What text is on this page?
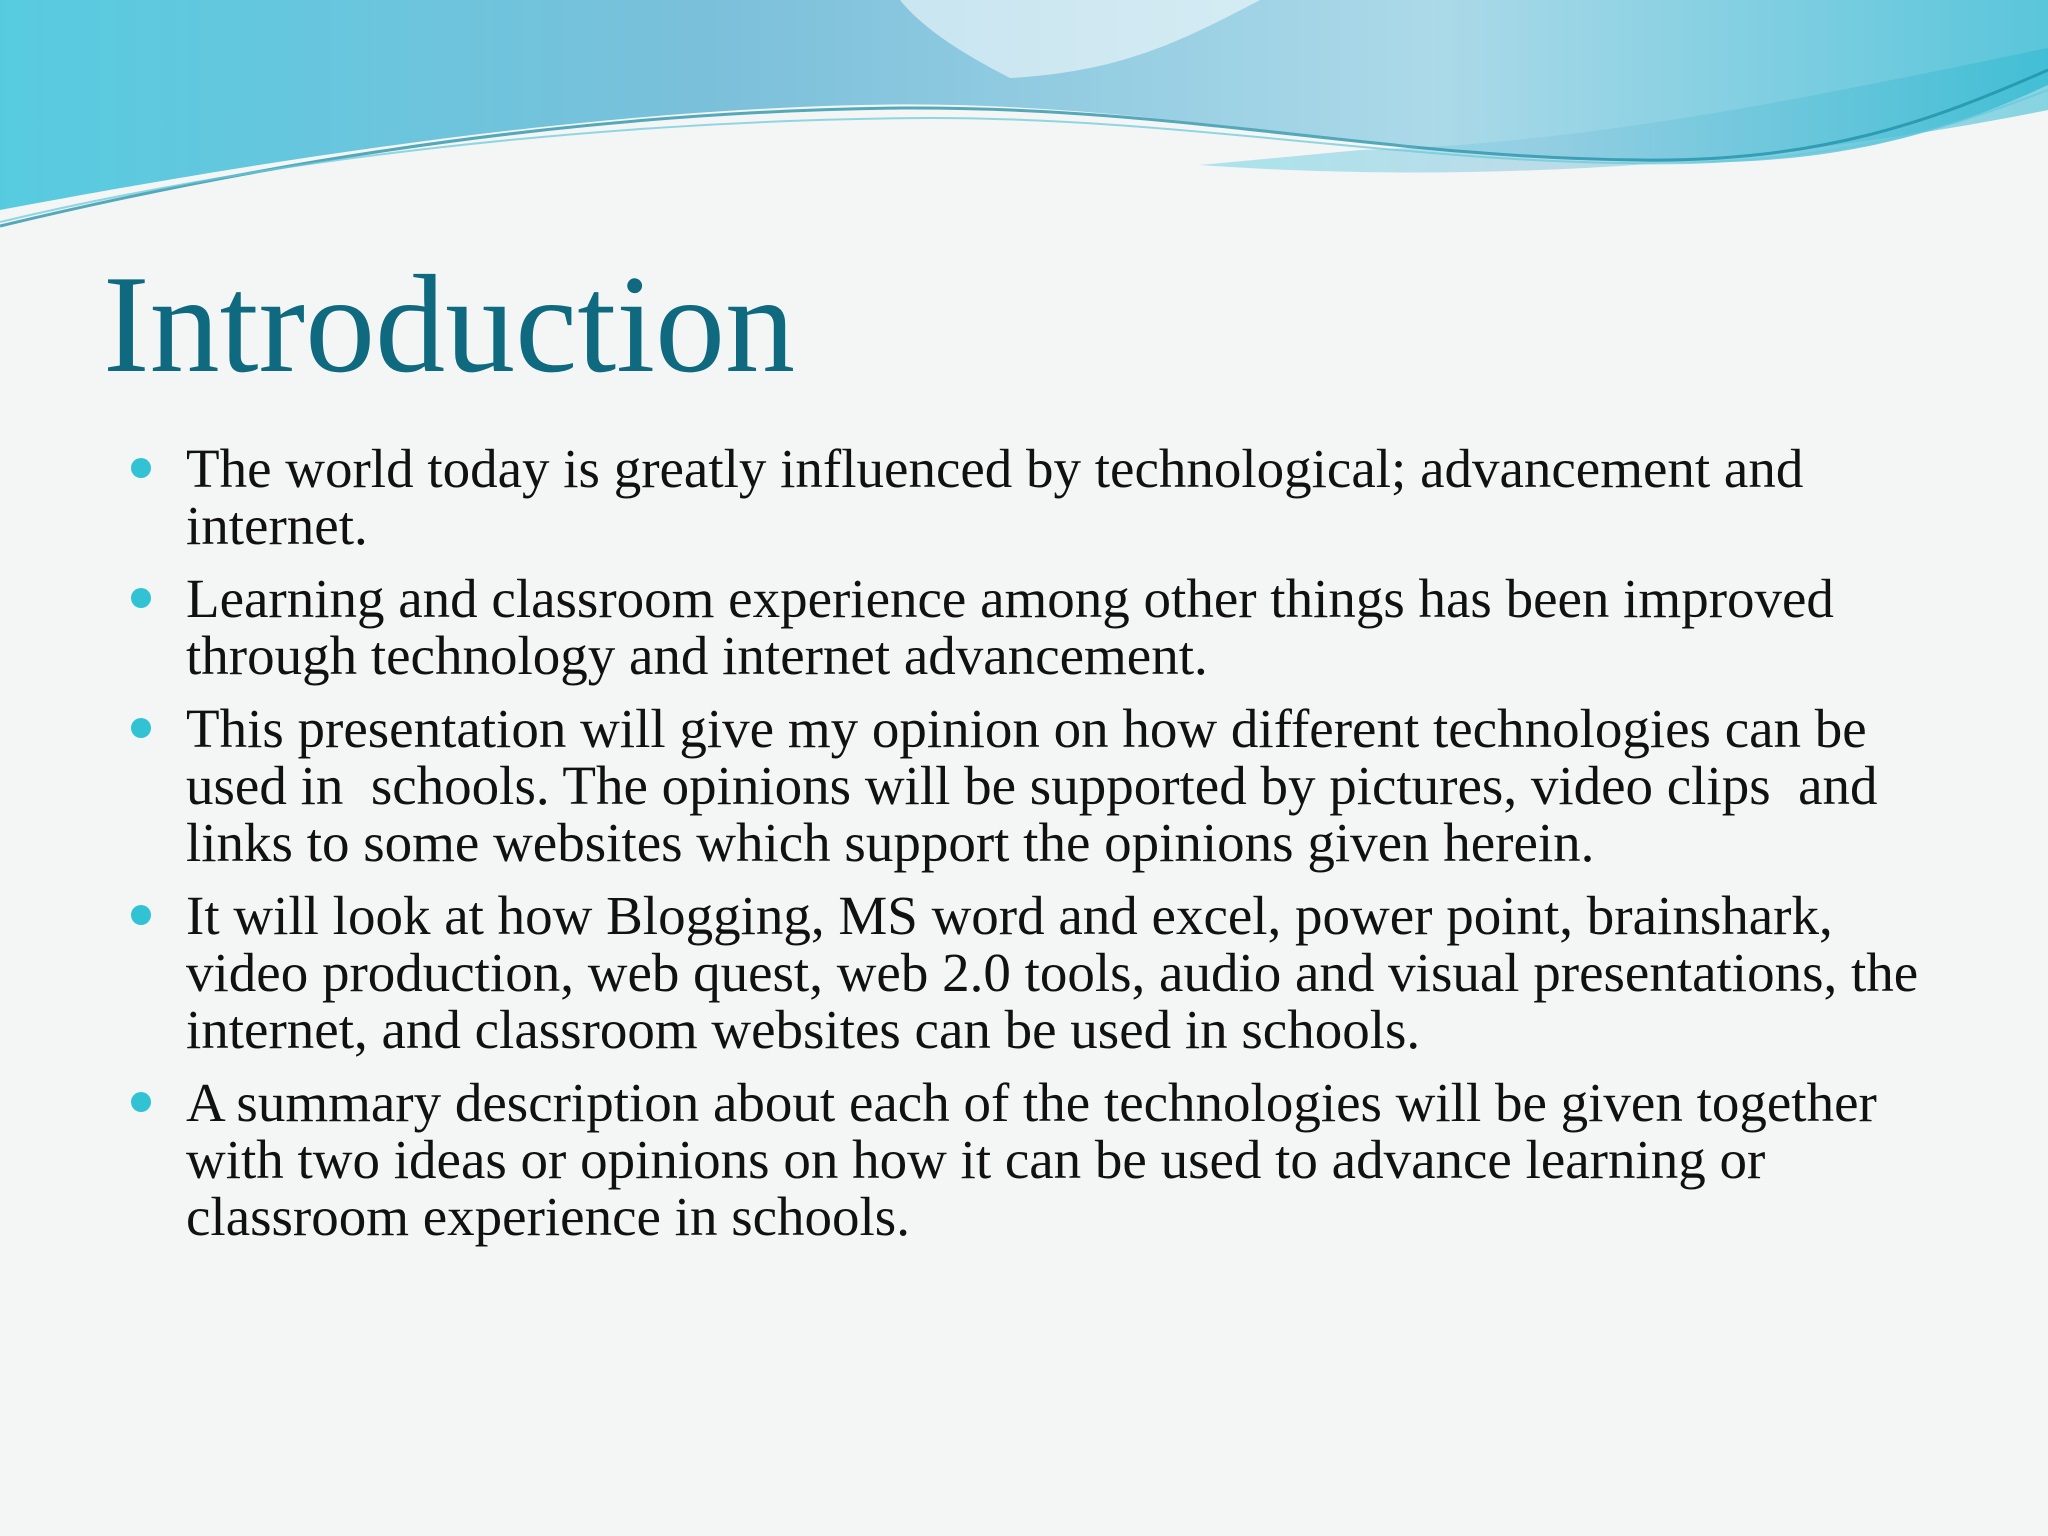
Introduction
The world today is greatly influenced by technological; advancement and internet.
Learning and classroom experience among other things has been improved through technology and internet advancement.
This presentation will give my opinion on how different technologies can be used in  schools. The opinions will be supported by pictures, video clips  and links to some websites which support the opinions given herein.
It will look at how Blogging, MS word and excel, power point, brainshark, video production, web quest, web 2.0 tools, audio and visual presentations, the internet, and classroom websites can be used in schools.
A summary description about each of the technologies will be given together with two ideas or opinions on how it can be used to advance learning or classroom experience in schools.
